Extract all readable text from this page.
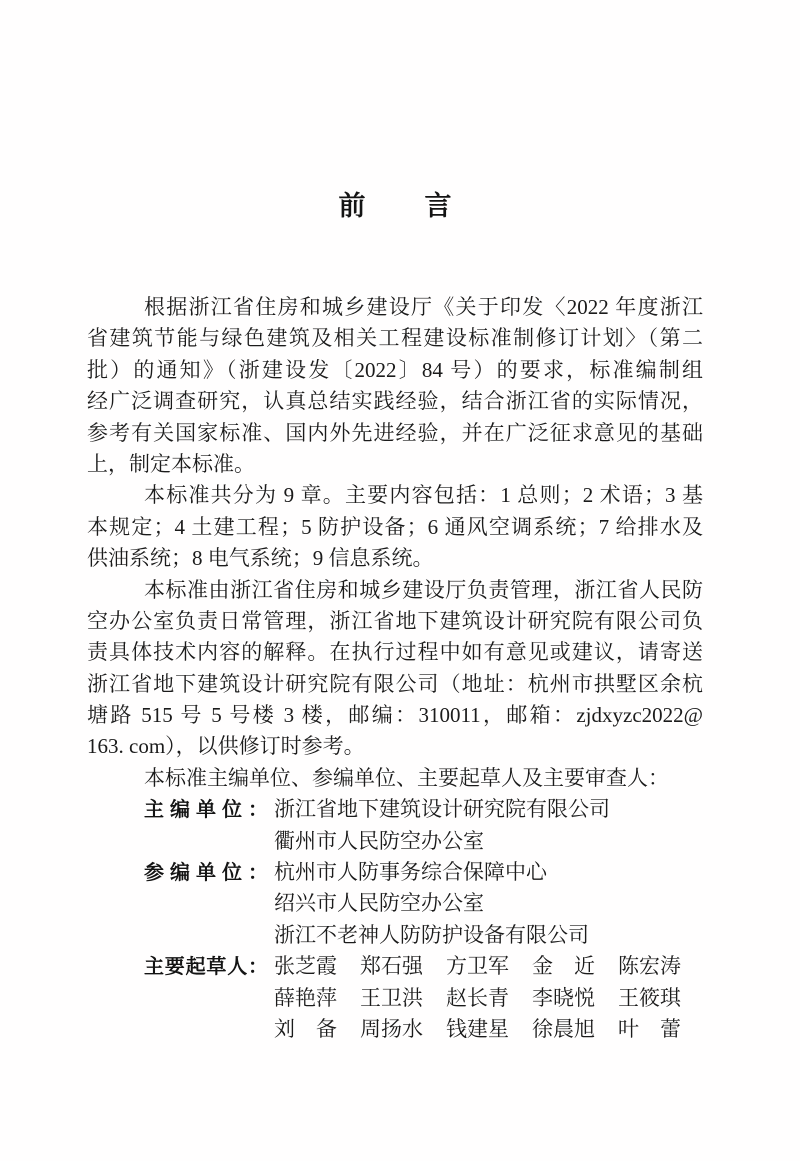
前　言
根据浙江省住房和城乡建设厅《关于印发〈2022 年度浙江
省建筑节能与绿色建筑及相关工程建设标准制修订计划〉（第二
批）的通知》（浙建设发〔2022〕84 号）的要求，标准编制组
经广泛调查研究，认真总结实践经验，结合浙江省的实际情况，
参考有关国家标准、国内外先进经验，并在广泛征求意见的基础
上，制定本标准。
本标准共分为 9 章。主要内容包括：1 总则；2 术语；3 基
本规定；4 土建工程；5 防护设备；6 通风空调系统；7 给排水及
供油系统；8 电气系统；9 信息系统。
本标准由浙江省住房和城乡建设厅负责管理，浙江省人民防
空办公室负责日常管理，浙江省地下建筑设计研究院有限公司负
责具体技术内容的解释。在执行过程中如有意见或建议，请寄送
浙江省地下建筑设计研究院有限公司（地址：杭州市拱墅区余杭
塘路 515 号 5 号楼 3 楼，邮编：310011，邮箱：zjdxyzc2022@
163. com），以供修订时参考。
本标准主编单位、参编单位、主要起草人及主要审查人：
主 编 单 位 ： 浙江省地下建筑设计研究院有限公司
衢州市人民防空办公室
参 编 单 位 ： 杭州市人防事务综合保障中心
绍兴市人民防空办公室
浙江不老神人防防护设备有限公司
主 要 起 草 人 ： 张芝霞 郑石强 方卫军 金　近 陈宏涛
薛艳萍 王卫洪 赵长青 李晓悦 王筱琪
刘　备 周扬水 钱建星 徐晨旭 叶　蕾
